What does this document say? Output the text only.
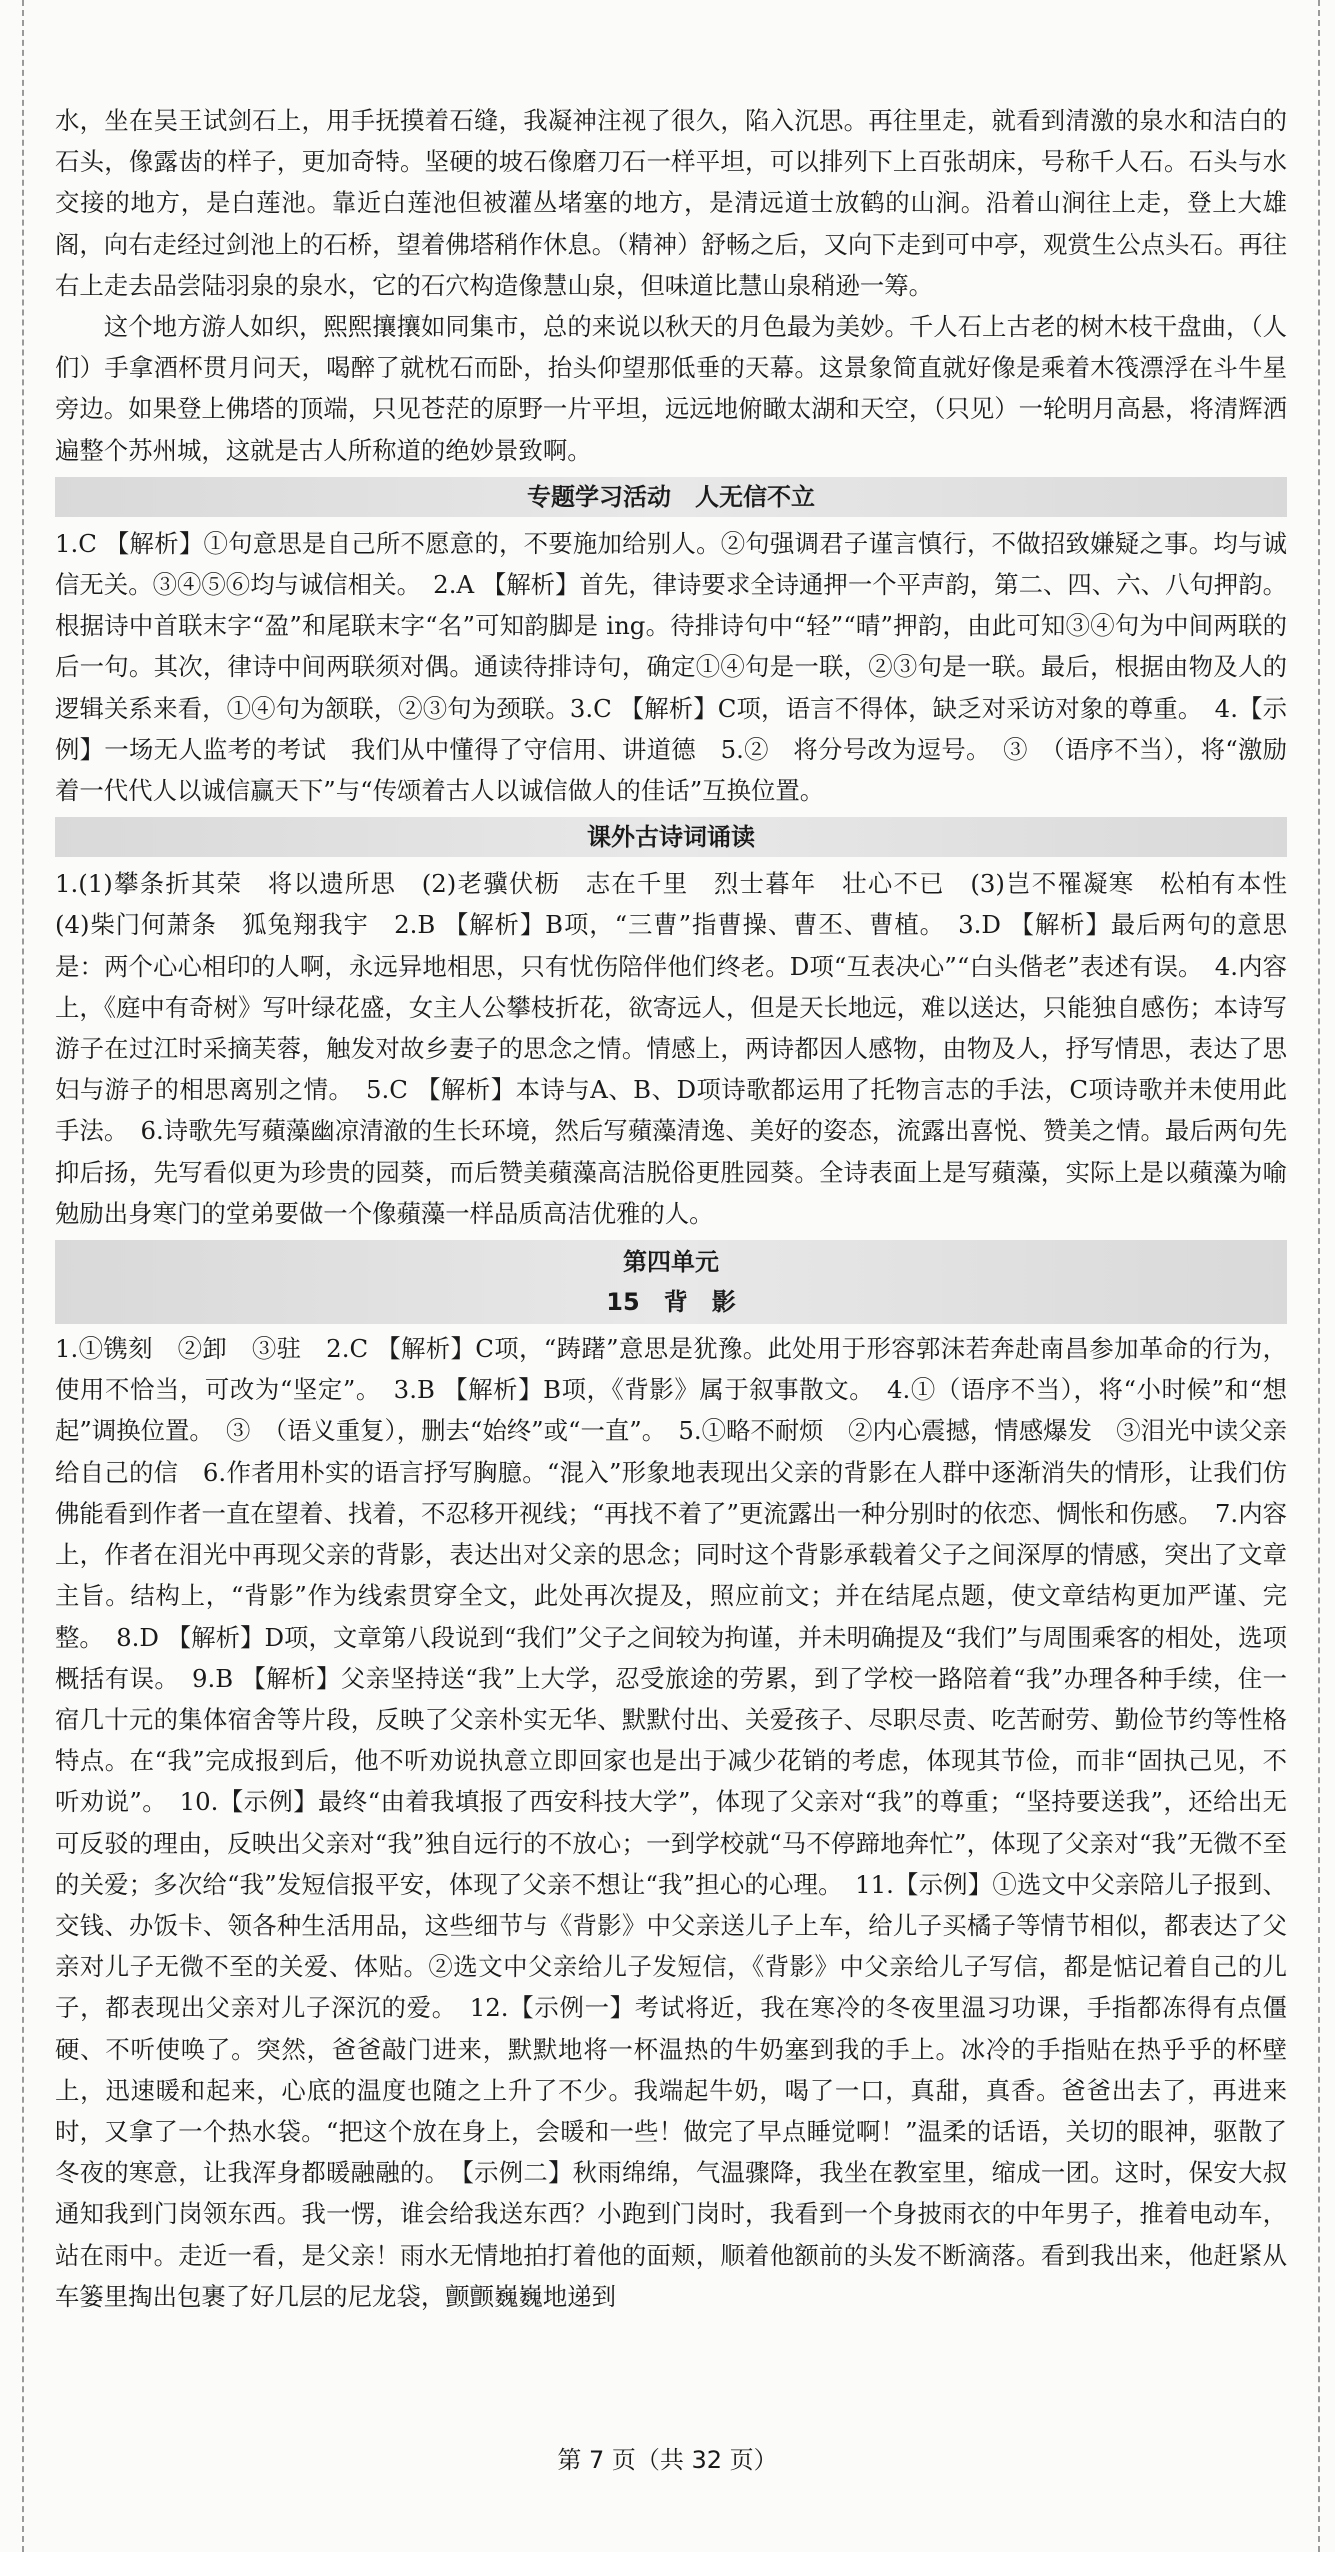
水，坐在吴王试剑石上，用手抚摸着石缝，我凝神注视了很久，陷入沉思。再往里走，就看到清激的泉水和洁白的石头，像露齿的样子，更加奇特。坚硬的坡石像磨刀石一样平坦，可以排列下上百张胡床，号称千人石。石头与水交接的地方，是白莲池。靠近白莲池但被灌丛堵塞的地方，是清远道士放鹤的山涧。沿着山涧往上走，登上大雄阁，向右走经过剑池上的石桥，望着佛塔稍作休息。（精神）舒畅之后，又向下走到可中亭，观赏生公点头石。再往右上走去品尝陆羽泉的泉水，它的石穴构造像慧山泉，但味道比慧山泉稍逊一筹。

这个地方游人如织，熙熙攘攘如同集市，总的来说以秋天的月色最为美妙。千人石上古老的树木枝干盘曲，（人们）手拿酒杯贯月问天，喝醉了就枕石而卧，抬头仰望那低垂的天幕。这景象简直就好像是乘着木筏漂浮在斗牛星旁边。如果登上佛塔的顶端，只见苍茫的原野一片平坦，远远地俯瞰太湖和天空，（只见）一轮明月高悬，将清辉洒遍整个苏州城，这就是古人所称道的绝妙景致啊。

专题学习活动　人无信不立

1.C 【解析】①句意思是自己所不愿意的，不要施加给别人。②句强调君子谨言慎行，不做招致嫌疑之事。均与诚信无关。③④⑤⑥均与诚信相关。　2.A 【解析】首先，律诗要求全诗通押一个平声韵，第二、四、六、八句押韵。根据诗中首联末字“盈”和尾联末字“名”可知韵脚是 ing。待排诗句中“轻”“晴”押韵，由此可知③④句为中间两联的后一句。其次，律诗中间两联须对偶。通读待排诗句，确定①④句是一联，②③句是一联。最后，根据由物及人的逻辑关系来看，①④句为颔联，②③句为颈联。3.C 【解析】C项，语言不得体，缺乏对采访对象的尊重。　4.【示例】一场无人监考的考试　我们从中懂得了守信用、讲道德　5.②　将分号改为逗号。　③　（语序不当），将“激励着一代代人以诚信赢天下”与“传颂着古人以诚信做人的佳话”互换位置。

课外古诗词诵读

1.(1)攀条折其荣　将以遗所思　(2)老骥伏枥　志在千里　烈士暮年　壮心不已　(3)岂不罹凝寒　松柏有本性　(4)柴门何萧条　狐兔翔我宇　2.B 【解析】B项，“三曹”指曹操、曹丕、曹植。　3.D 【解析】最后两句的意思是：两个心心相印的人啊，永远异地相思，只有忧伤陪伴他们终老。D项“互表决心”“白头偕老”表述有误。　4.内容上，《庭中有奇树》写叶绿花盛，女主人公攀枝折花，欲寄远人，但是天长地远，难以送达，只能独自感伤；本诗写游子在过江时采摘芙蓉，触发对故乡妻子的思念之情。情感上，两诗都因人感物，由物及人，抒写情思，表达了思妇与游子的相思离别之情。　5.C 【解析】本诗与A、B、D项诗歌都运用了托物言志的手法，C项诗歌并未使用此手法。　6.诗歌先写蘋藻幽凉清澈的生长环境，然后写蘋藻清逸、美好的姿态，流露出喜悦、赞美之情。最后两句先抑后扬，先写看似更为珍贵的园葵，而后赞美蘋藻高洁脱俗更胜园葵。全诗表面上是写蘋藻，实际上是以蘋藻为喻勉励出身寒门的堂弟要做一个像蘋藻一样品质高洁优雅的人。

第四单元
15　背　影

1.①镌刻　②卸　③驻　2.C 【解析】C项，“踌躇”意思是犹豫。此处用于形容郭沫若奔赴南昌参加革命的行为，使用不恰当，可改为“坚定”。　3.B 【解析】B项，《背影》属于叙事散文。　4.①（语序不当），将“小时候”和“想起”调换位置。　③　（语义重复），删去“始终”或“一直”。　5.①略不耐烦　②内心震撼，情感爆发　③泪光中读父亲给自己的信　6.作者用朴实的语言抒写胸臆。“混入”形象地表现出父亲的背影在人群中逐渐消失的情形，让我们仿佛能看到作者一直在望着、找着，不忍移开视线；“再找不着了”更流露出一种分别时的依恋、惆怅和伤感。　7.内容上，作者在泪光中再现父亲的背影，表达出对父亲的思念；同时这个背影承载着父子之间深厚的情感，突出了文章主旨。结构上，“背影”作为线索贯穿全文，此处再次提及，照应前文；并在结尾点题，使文章结构更加严谨、完整。　8.D 【解析】D项，文章第八段说到“我们”父子之间较为拘谨，并未明确提及“我们”与周围乘客的相处，选项概括有误。　9.B 【解析】父亲坚持送“我”上大学，忍受旅途的劳累，到了学校一路陪着“我”办理各种手续，住一宿几十元的集体宿舍等片段，反映了父亲朴实无华、默默付出、关爱孩子、尽职尽责、吃苦耐劳、勤俭节约等性格特点。在“我”完成报到后，他不听劝说执意立即回家也是出于减少花销的考虑，体现其节俭，而非“固执己见，不听劝说”。　10.【示例】最终“由着我填报了西安科技大学”，体现了父亲对“我”的尊重；“坚持要送我”，还给出无可反驳的理由，反映出父亲对“我”独自远行的不放心；一到学校就“马不停蹄地奔忙”，体现了父亲对“我”无微不至的关爱；多次给“我”发短信报平安，体现了父亲不想让“我”担心的心理。　11.【示例】①选文中父亲陪儿子报到、交钱、办饭卡、领各种生活用品，这些细节与《背影》中父亲送儿子上车，给儿子买橘子等情节相似，都表达了父亲对儿子无微不至的关爱、体贴。②选文中父亲给儿子发短信，《背影》中父亲给儿子写信，都是惦记着自己的儿子，都表现出父亲对儿子深沉的爱。　12.【示例一】考试将近，我在寒冷的冬夜里温习功课，手指都冻得有点僵硬、不听使唤了。突然，爸爸敲门进来，默默地将一杯温热的牛奶塞到我的手上。冰冷的手指贴在热乎乎的杯壁上，迅速暖和起来，心底的温度也随之上升了不少。我端起牛奶，喝了一口，真甜，真香。爸爸出去了，再进来时，又拿了一个热水袋。“把这个放在身上，会暖和一些！做完了早点睡觉啊！”温柔的话语，关切的眼神，驱散了冬夜的寒意，让我浑身都暖融融的。　【示例二】秋雨绵绵，气温骤降，我坐在教室里，缩成一团。这时，保安大叔通知我到门岗领东西。我一愣，谁会给我送东西？小跑到门岗时，我看到一个身披雨衣的中年男子，推着电动车，站在雨中。走近一看，是父亲！雨水无情地拍打着他的面颊，顺着他额前的头发不断滴落。看到我出来，他赶紧从车篓里掏出包裹了好几层的尼龙袋，颤颤巍巍地递到

第 7 页（共 32 页）
